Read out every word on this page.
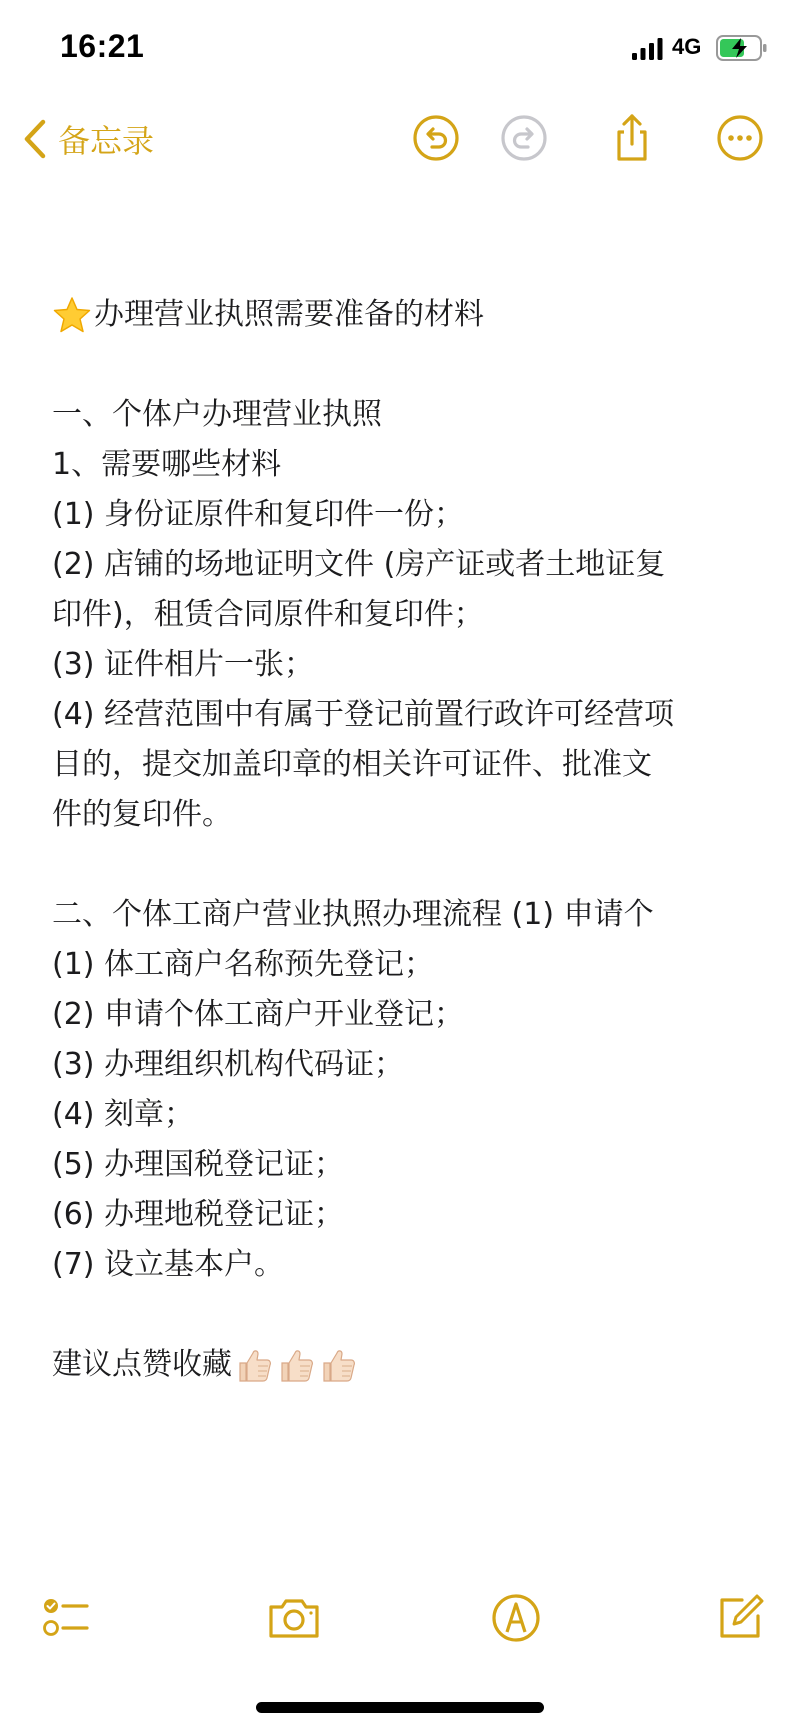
16:21	4G
备忘录
办理营业执照需要准备的材料
一、个体户办理营业执照
1、需要哪些材料
(1) 身份证原件和复印件一份；
(2) 店铺的场地证明文件 (房产证或者土地证复
印件)，租赁合同原件和复印件；
(3) 证件相片一张；
(4) 经营范围中有属于登记前置行政许可经营项
目的，提交加盖印章的相关许可证件、批准文
件的复印件。
二、个体工商户营业执照办理流程 (1) 申请个
(1) 体工商户名称预先登记；
(2) 申请个体工商户开业登记；
(3) 办理组织机构代码证；
(4) 刻章；
(5) 办理国税登记证；
(6) 办理地税登记证；
(7) 设立基本户。
建议点赞收藏
